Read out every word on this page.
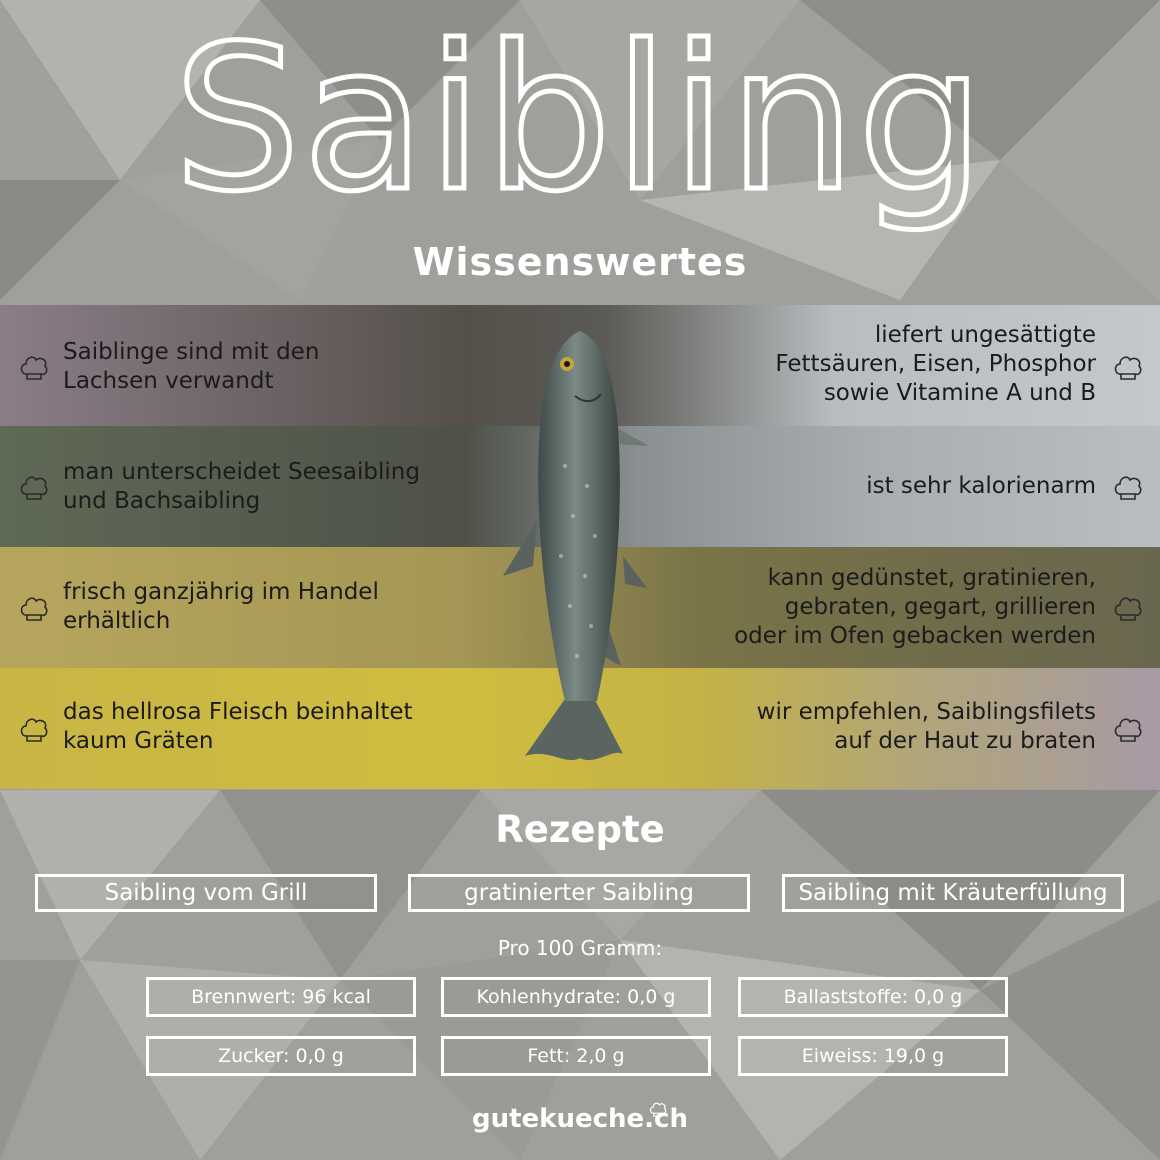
Saibling
Wissenswertes
Saiblinge sind mit den
Lachsen verwandt
man unterscheidet Seesaibling
und Bachsaibling
frisch ganzjährig im Handel
erhältlich
das hellrosa Fleisch beinhaltet
kaum Gräten
liefert ungesättigte
Fettsäuren, Eisen, Phosphor
sowie Vitamine A und B
ist sehr kalorienarm
kann gedünstet, gratinieren,
gebraten, gegart, grillieren
oder im Ofen gebacken werden
wir empfehlen, Saiblingsfilets
auf der Haut zu braten
Rezepte
Saibling vom Grill	gratinierter Saibling	Saibling mit Kräuterfüllung
Pro 100 Gramm:
Brennwert: 96 kcal	Kohlenhydrate: 0,0 g	Ballaststoffe: 0,0 g
Zucker: 0,0 g	Fett: 2,0 g	Eiweiss: 19,0 g
gutekueche.ch
